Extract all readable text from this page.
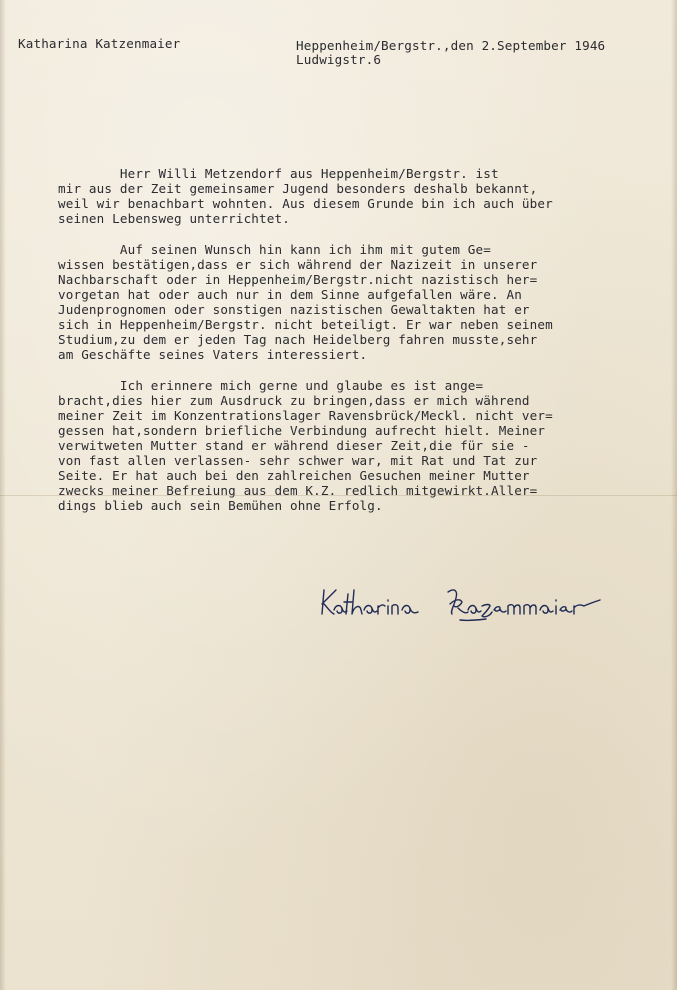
Katharina Katzenmaier	Heppenheim/Bergstr.,den 2.September 1946
Ludwigstr.6

Herr Willi Metzendorf aus Heppenheim/Bergstr. ist

mir aus der Zeit gemeinsamer Jugend besonders deshalb bekannt,

weil wir benachbart wohnten. Aus diesem Grunde bin ich auch über

seinen Lebensweg unterrichtet.

Auf seinen Wunsch hin kann ich ihm mit gutem Ge=

wissen bestätigen,dass er sich während der Nazizeit in unserer

Nachbarschaft oder in Heppenheim/Bergstr.nicht nazistisch her=

vorgetan hat oder auch nur in dem Sinne aufgefallen wäre. An

Judenprognomen oder sonstigen nazistischen Gewaltakten hat er

sich in Heppenheim/Bergstr. nicht beteiligt. Er war neben seinem

Studium,zu dem er jeden Tag nach Heidelberg fahren musste,sehr

am Geschäfte seines Vaters interessiert.

Ich erinnere mich gerne und glaube es ist ange=

bracht,dies hier zum Ausdruck zu bringen,dass er mich während

meiner Zeit im Konzentrationslager Ravensbrück/Meckl. nicht ver=

gessen hat,sondern briefliche Verbindung aufrecht hielt. Meiner

verwitweten Mutter stand er während dieser Zeit,die für sie -

von fast allen verlassen- sehr schwer war, mit Rat und Tat zur

Seite. Er hat auch bei den zahlreichen Gesuchen meiner Mutter

zwecks meiner Befreiung aus dem K.Z. redlich mitgewirkt.Aller=

dings blieb auch sein Bemühen ohne Erfolg.
